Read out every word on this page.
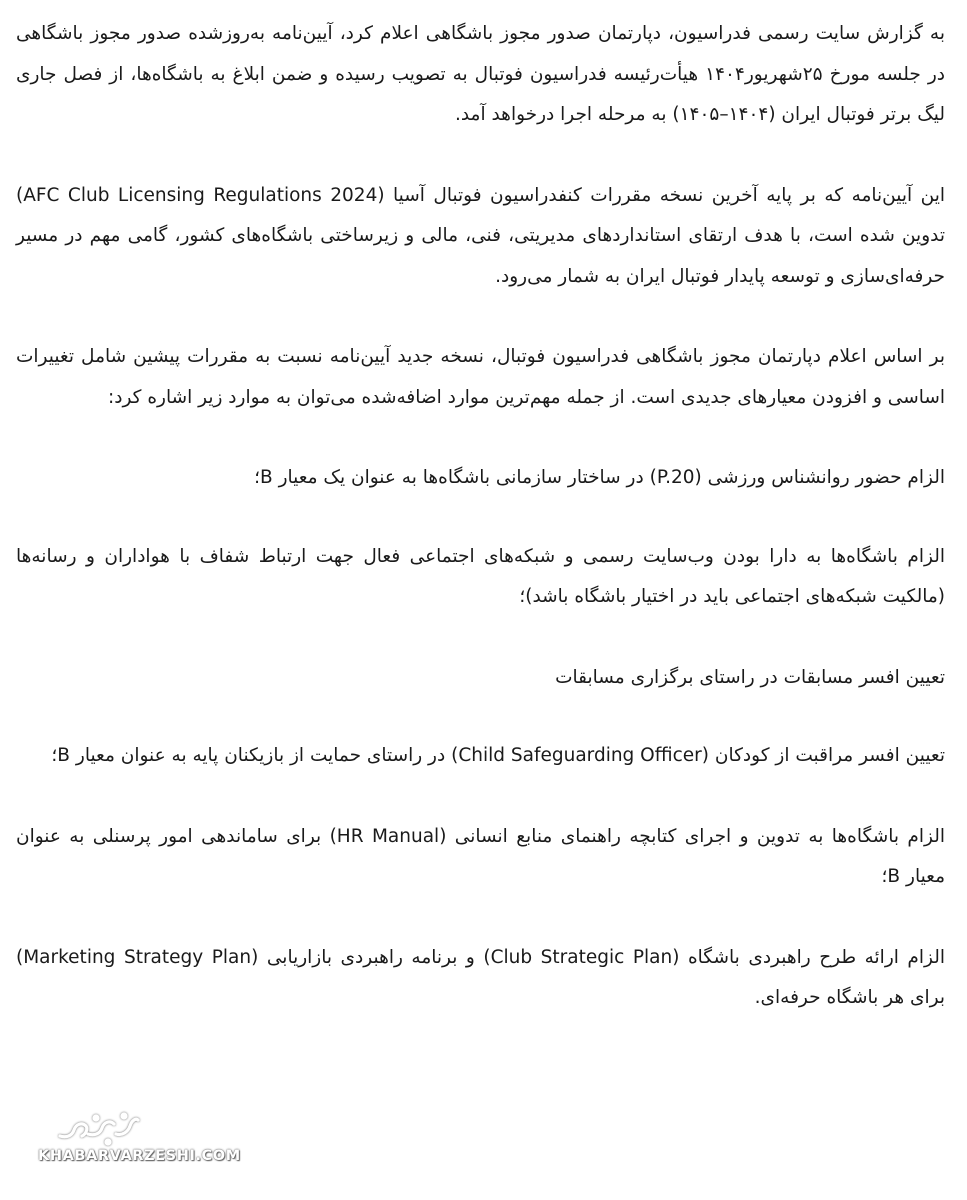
به گزارش سایت رسمی فدراسیون، دپارتمان صدور مجوز باشگاهی اعلام کرد، آیین‌نامه به‌روزشده صدور مجوز باشگاهی در جلسه مورخ ۲۵شهریور۱۴۰۴ هیأت‌رئیسه فدراسیون فوتبال به تصویب رسیده و ضمن ابلاغ به باشگاه‌ها، از فصل جاری لیگ برتر فوتبال ایران (۱۴۰۴–۱۴۰۵) به مرحله اجرا درخواهد آمد.

این آیین‌نامه که بر پایه آخرین نسخه مقررات کنفدراسیون فوتبال آسیا (AFC Club Licensing Regulations 2024) تدوین شده است، با هدف ارتقای استانداردهای مدیریتی، فنی، مالی و زیرساختی باشگاه‌های کشور، گامی مهم در مسیر حرفه‌ای‌سازی و توسعه پایدار فوتبال ایران به شمار می‌رود.

بر اساس اعلام دپارتمان مجوز باشگاهی فدراسیون فوتبال، نسخه جدید آیین‌نامه نسبت به مقررات پیشین شامل تغییرات اساسی و افزودن معیارهای جدیدی است. از جمله مهم‌ترین موارد اضافه‌شده می‌توان به موارد زیر اشاره کرد:

الزام حضور روانشناس ورزشی (P.20) در ساختار سازمانی باشگاه‌ها به عنوان یک معیار B؛

الزام باشگاه‌ها به دارا بودن وب‌سایت رسمی و شبکه‌های اجتماعی فعال جهت ارتباط شفاف با هواداران و رسانه‌ها (مالکیت شبکه‌های اجتماعی باید در اختیار باشگاه باشد)؛

تعیین افسر مسابقات در راستای برگزاری مسابقات

تعیین افسر مراقبت از کودکان (Child Safeguarding Officer) در راستای حمایت از بازیکنان پایه به عنوان معیار B؛

الزام باشگاه‌ها به تدوین و اجرای کتابچه راهنمای منابع انسانی (HR Manual) برای ساماندهی امور پرسنلی به عنوان معیار B؛

الزام ارائه طرح راهبردی باشگاه (Club Strategic Plan) و برنامه راهبردی بازاریابی (Marketing Strategy Plan) برای هر باشگاه حرفه‌ای.

KHABARVARZESHI.COM
